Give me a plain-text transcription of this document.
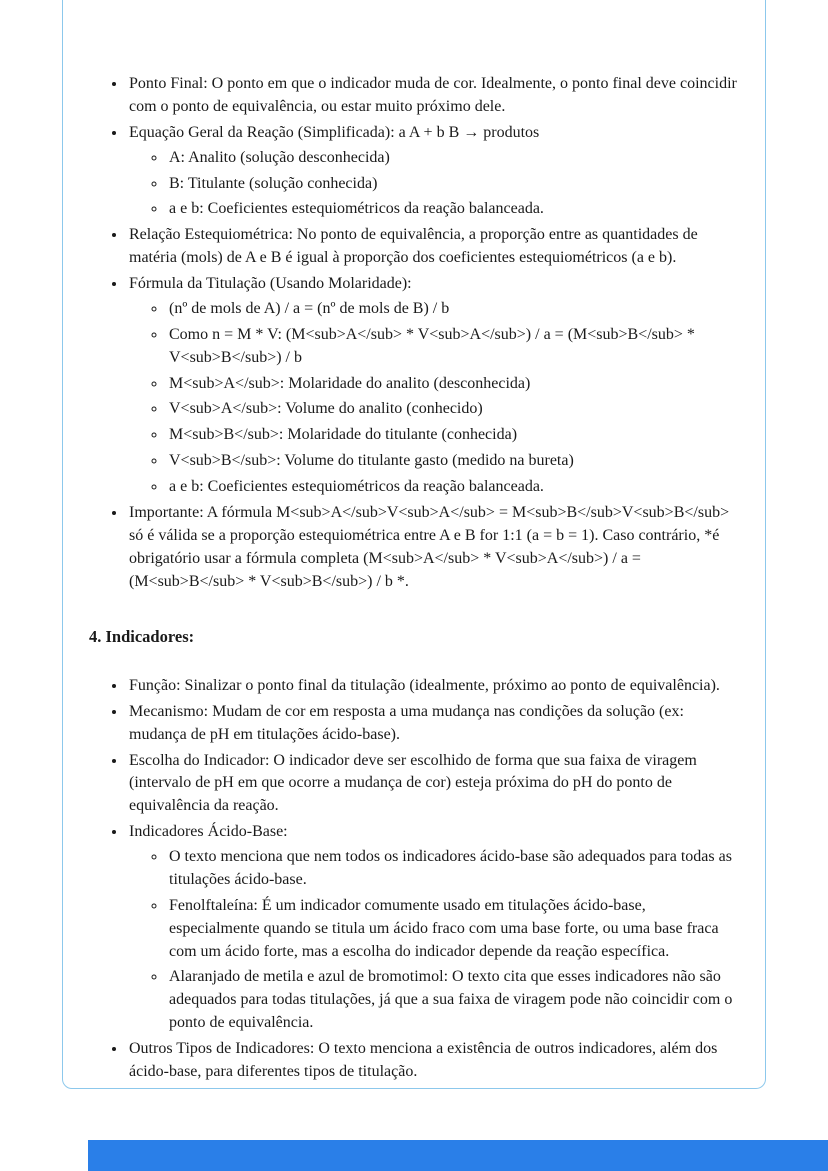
• Ponto Final: O ponto em que o indicador muda de cor. Idealmente, o ponto final deve coincidir com o ponto de equivalência, ou estar muito próximo dele.
• Equação Geral da Reação (Simplificada): a A + b B → produtos
◦ A: Analito (solução desconhecida)
◦ B: Titulante (solução conhecida)
◦ a e b: Coeficientes estequiométricos da reação balanceada.
• Relação Estequiométrica: No ponto de equivalência, a proporção entre as quantidades de matéria (mols) de A e B é igual à proporção dos coeficientes estequiométricos (a e b).
• Fórmula da Titulação (Usando Molaridade):
◦ (nº de mols de A) / a = (nº de mols de B) / b
◦ Como n = M * V: (M<sub>A</sub> * V<sub>A</sub>) / a = (M<sub>B</sub> * V<sub>B</sub>) / b
◦ M<sub>A</sub>: Molaridade do analito (desconhecida)
◦ V<sub>A</sub>: Volume do analito (conhecido)
◦ M<sub>B</sub>: Molaridade do titulante (conhecida)
◦ V<sub>B</sub>: Volume do titulante gasto (medido na bureta)
◦ a e b: Coeficientes estequiométricos da reação balanceada.
• Importante: A fórmula M<sub>A</sub>V<sub>A</sub> = M<sub>B</sub>V<sub>B</sub> só é válida se a proporção estequiométrica entre A e B for 1:1 (a = b = 1). Caso contrário, *é obrigatório usar a fórmula completa (M<sub>A</sub> * V<sub>A</sub>) / a = (M<sub>B</sub> * V<sub>B</sub>) / b *.
4. Indicadores:
• Função: Sinalizar o ponto final da titulação (idealmente, próximo ao ponto de equivalência).
• Mecanismo: Mudam de cor em resposta a uma mudança nas condições da solução (ex: mudança de pH em titulações ácido-base).
• Escolha do Indicador: O indicador deve ser escolhido de forma que sua faixa de viragem (intervalo de pH em que ocorre a mudança de cor) esteja próxima do pH do ponto de equivalência da reação.
• Indicadores Ácido-Base:
◦ O texto menciona que nem todos os indicadores ácido-base são adequados para todas as titulações ácido-base.
◦ Fenolftaleína: É um indicador comumente usado em titulações ácido-base, especialmente quando se titula um ácido fraco com uma base forte, ou uma base fraca com um ácido forte, mas a escolha do indicador depende da reação específica.
◦ Alaranjado de metila e azul de bromotimol: O texto cita que esses indicadores não são adequados para todas titulações, já que a sua faixa de viragem pode não coincidir com o ponto de equivalência.
• Outros Tipos de Indicadores: O texto menciona a existência de outros indicadores, além dos ácido-base, para diferentes tipos de titulação.
